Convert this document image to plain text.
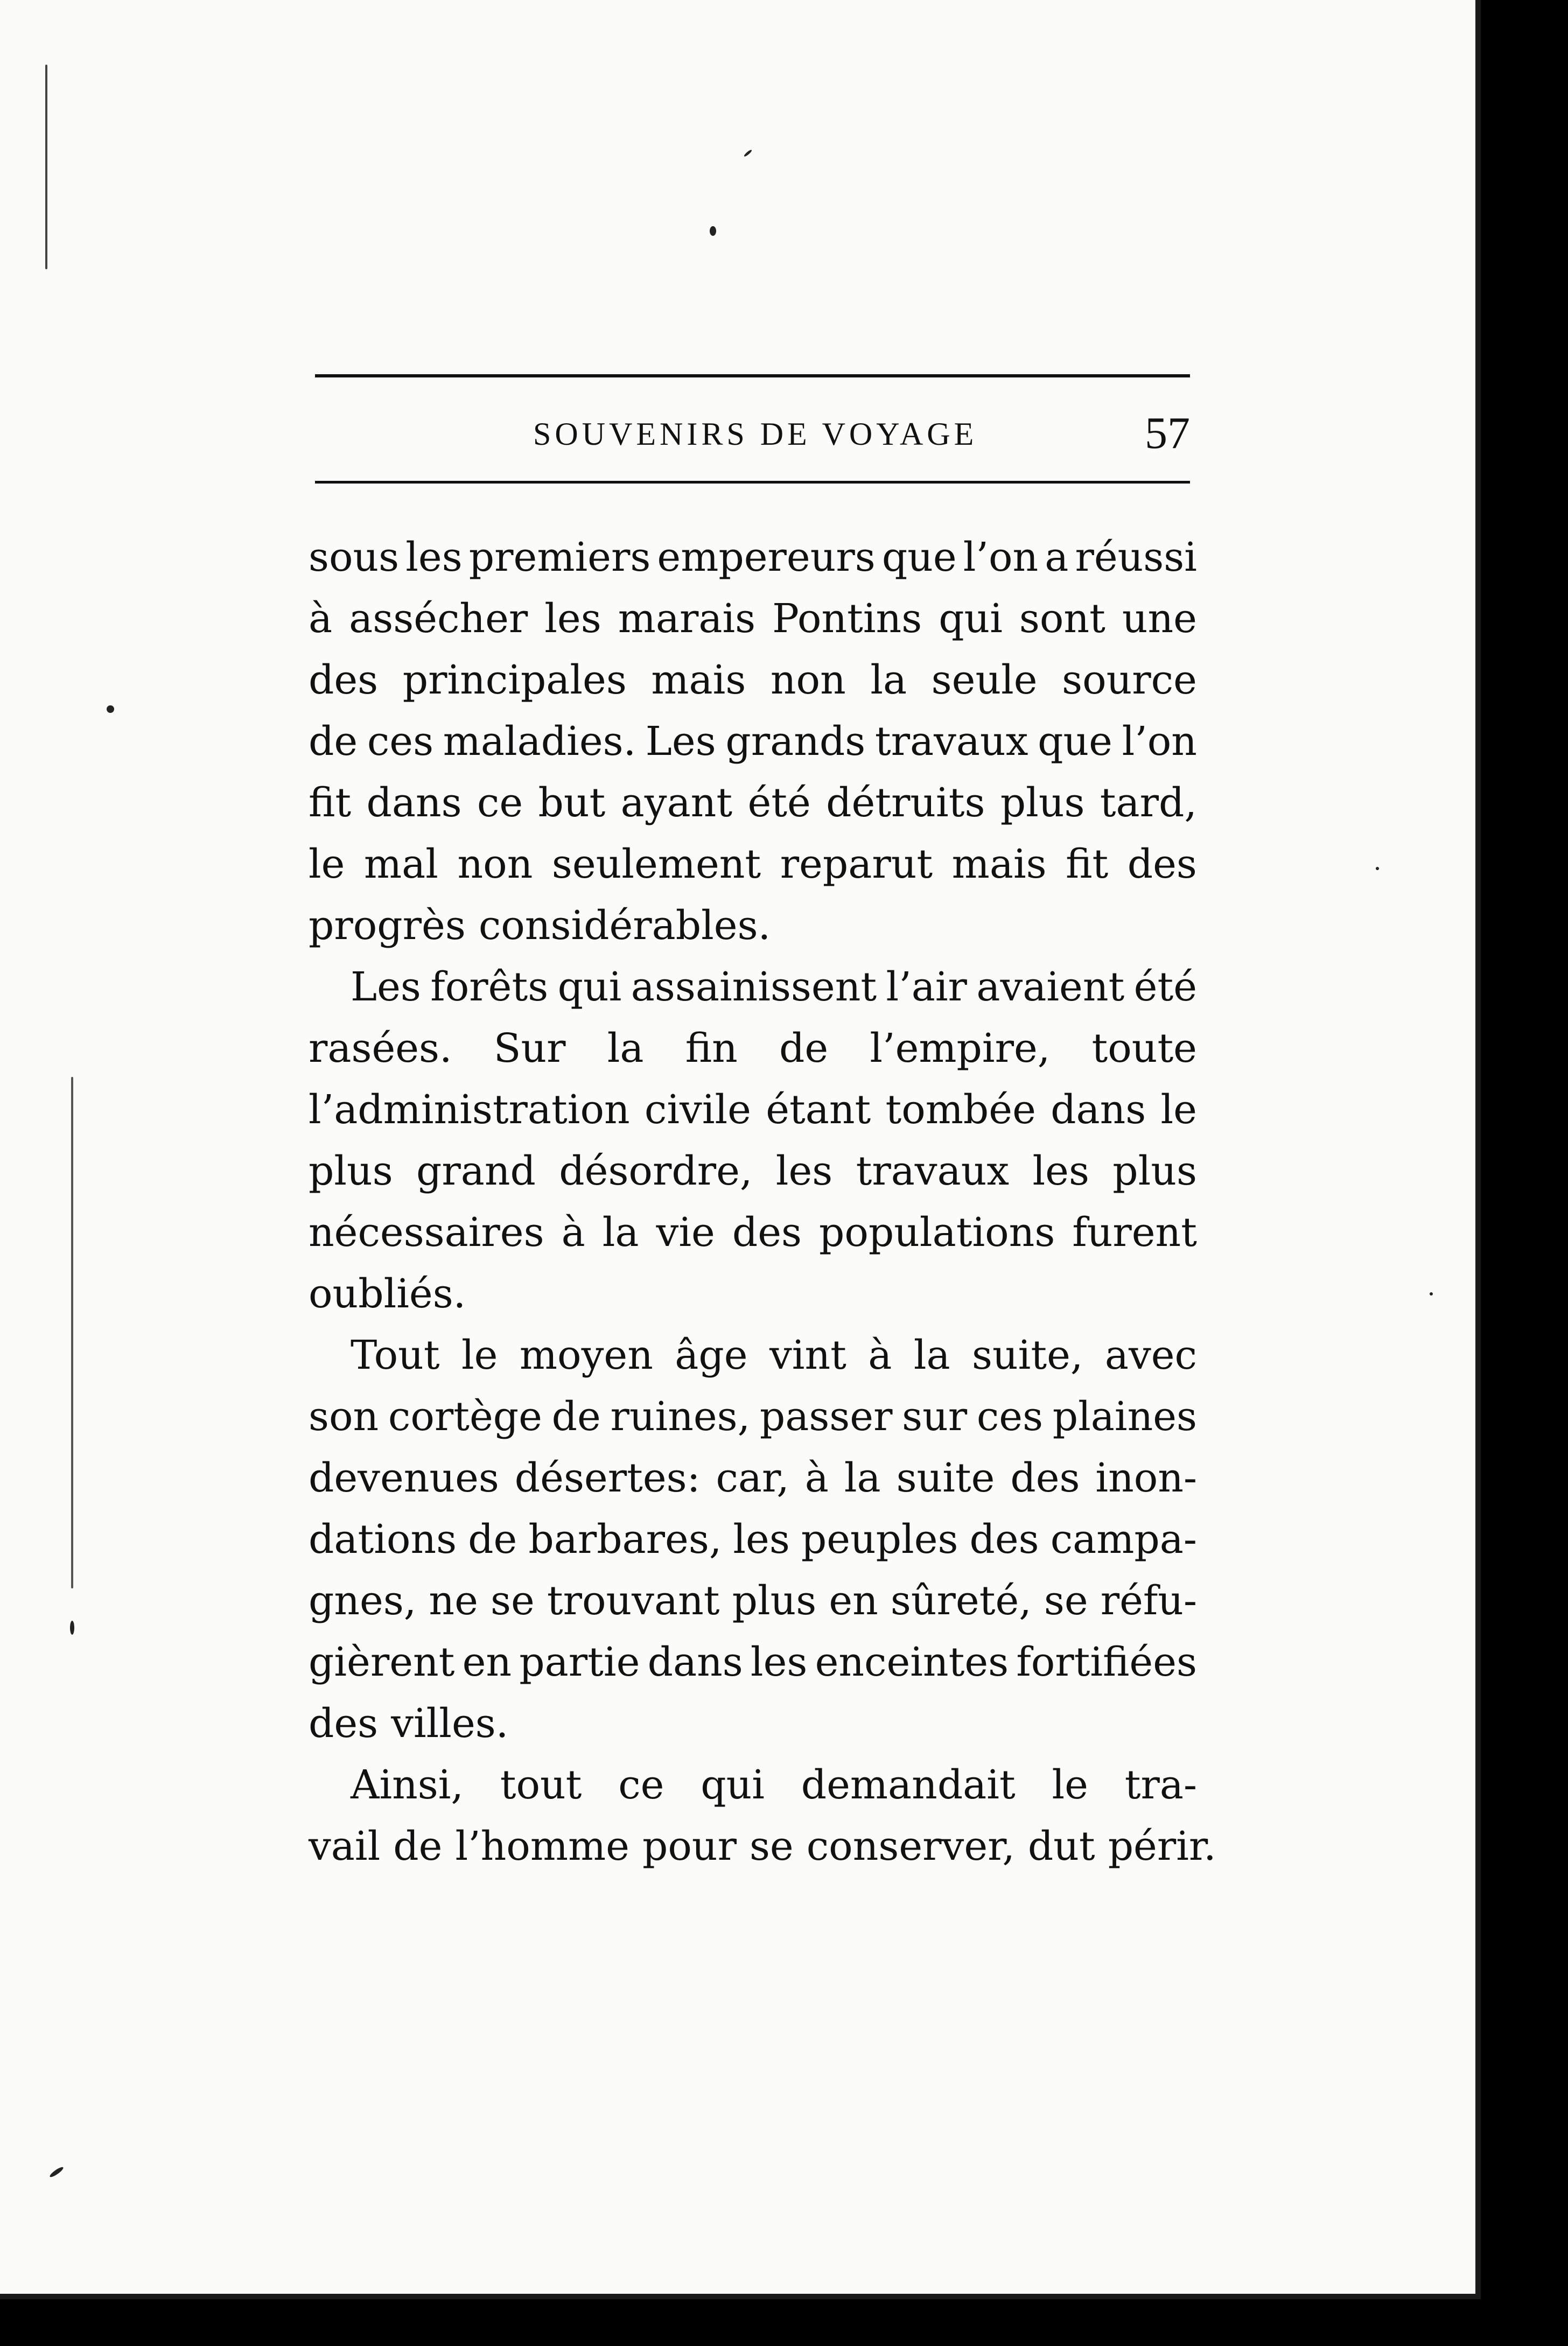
SOUVENIRS DE VOYAGE	57
sous les premiers empereurs que l’on a réussi
à assécher les marais Pontins qui sont une
des principales mais non la seule source
de ces maladies. Les grands travaux que l’on
fit dans ce but ayant été détruits plus tard,
le mal non seulement reparut mais fit des
progrès considérables.
Les forêts qui assainissent l’air avaient été
rasées. Sur la fin de l’empire, toute
l’administration civile étant tombée dans le
plus grand désordre, les travaux les plus
nécessaires à la vie des populations furent
oubliés.
Tout le moyen âge vint à la suite, avec
son cortège de ruines, passer sur ces plaines
devenues désertes: car, à la suite des inon-
dations de barbares, les peuples des campa-
gnes, ne se trouvant plus en sûreté, se réfu-
gièrent en partie dans les enceintes fortifiées
des villes.
Ainsi, tout ce qui demandait le tra-
vail de l’homme pour se conserver, dut périr.
